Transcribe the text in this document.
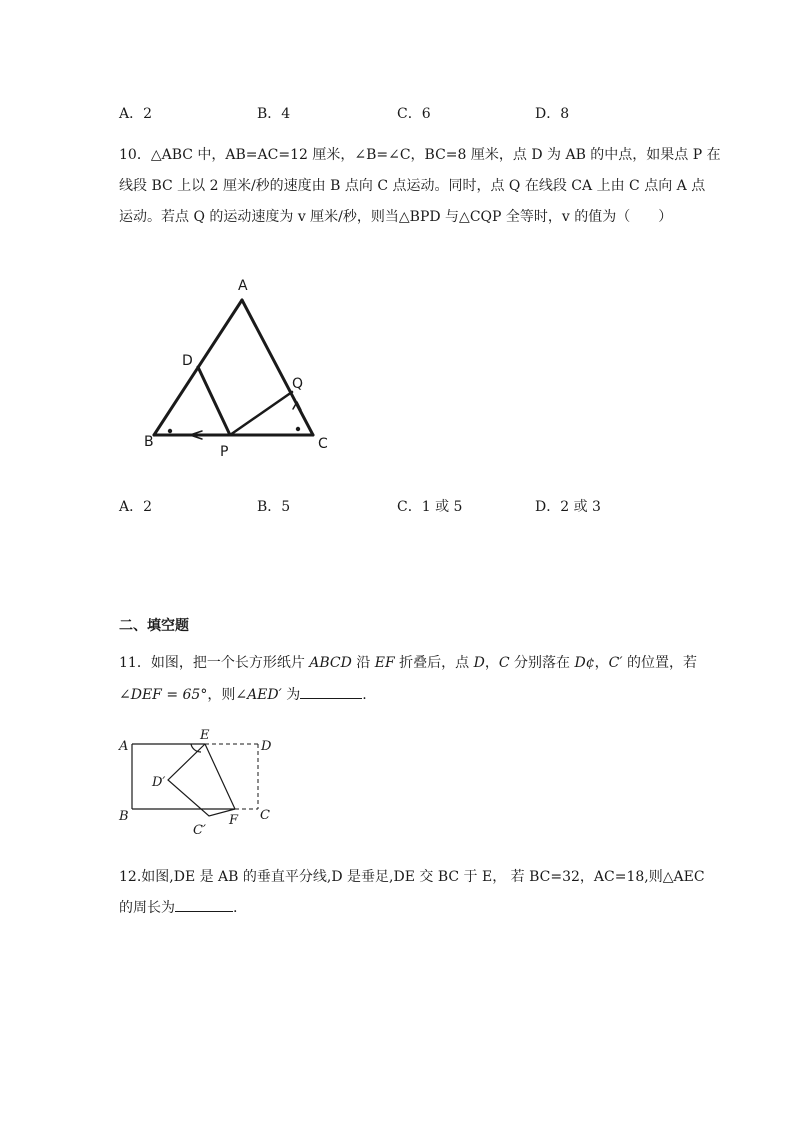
A．2	B．4	C．6	D．8
10．△ABC 中，AB=AC=12 厘米，∠B=∠C，BC=8 厘米，点 D 为 AB 的中点，如果点 P 在
线段 BC 上以 2 厘米/秒的速度由 B 点向 C 点运动。同时，点 Q 在线段 CA 上由 C 点向 A 点
运动。若点 Q 的运动速度为 v 厘米/秒，则当△BPD 与△CQP 全等时，v 的值为（　　）
A
D
Q
B
P	C
A．2	B．5	C．1 或 5	D．2 或 3
二、填空题
11．如图，把一个长方形纸片 ABCD 沿 EF 折叠后，点 D，C 分别落在 D¢，C′ 的位置，若
∠DEF = 65°，则∠AED′ 为	.
A
E
D
D′
B	F C
C′
12.如图,DE 是 AB 的垂直平分线,D 是垂足,DE 交 BC 于 E， 若 BC=32，AC=18,则△AEC
的周长为	.
